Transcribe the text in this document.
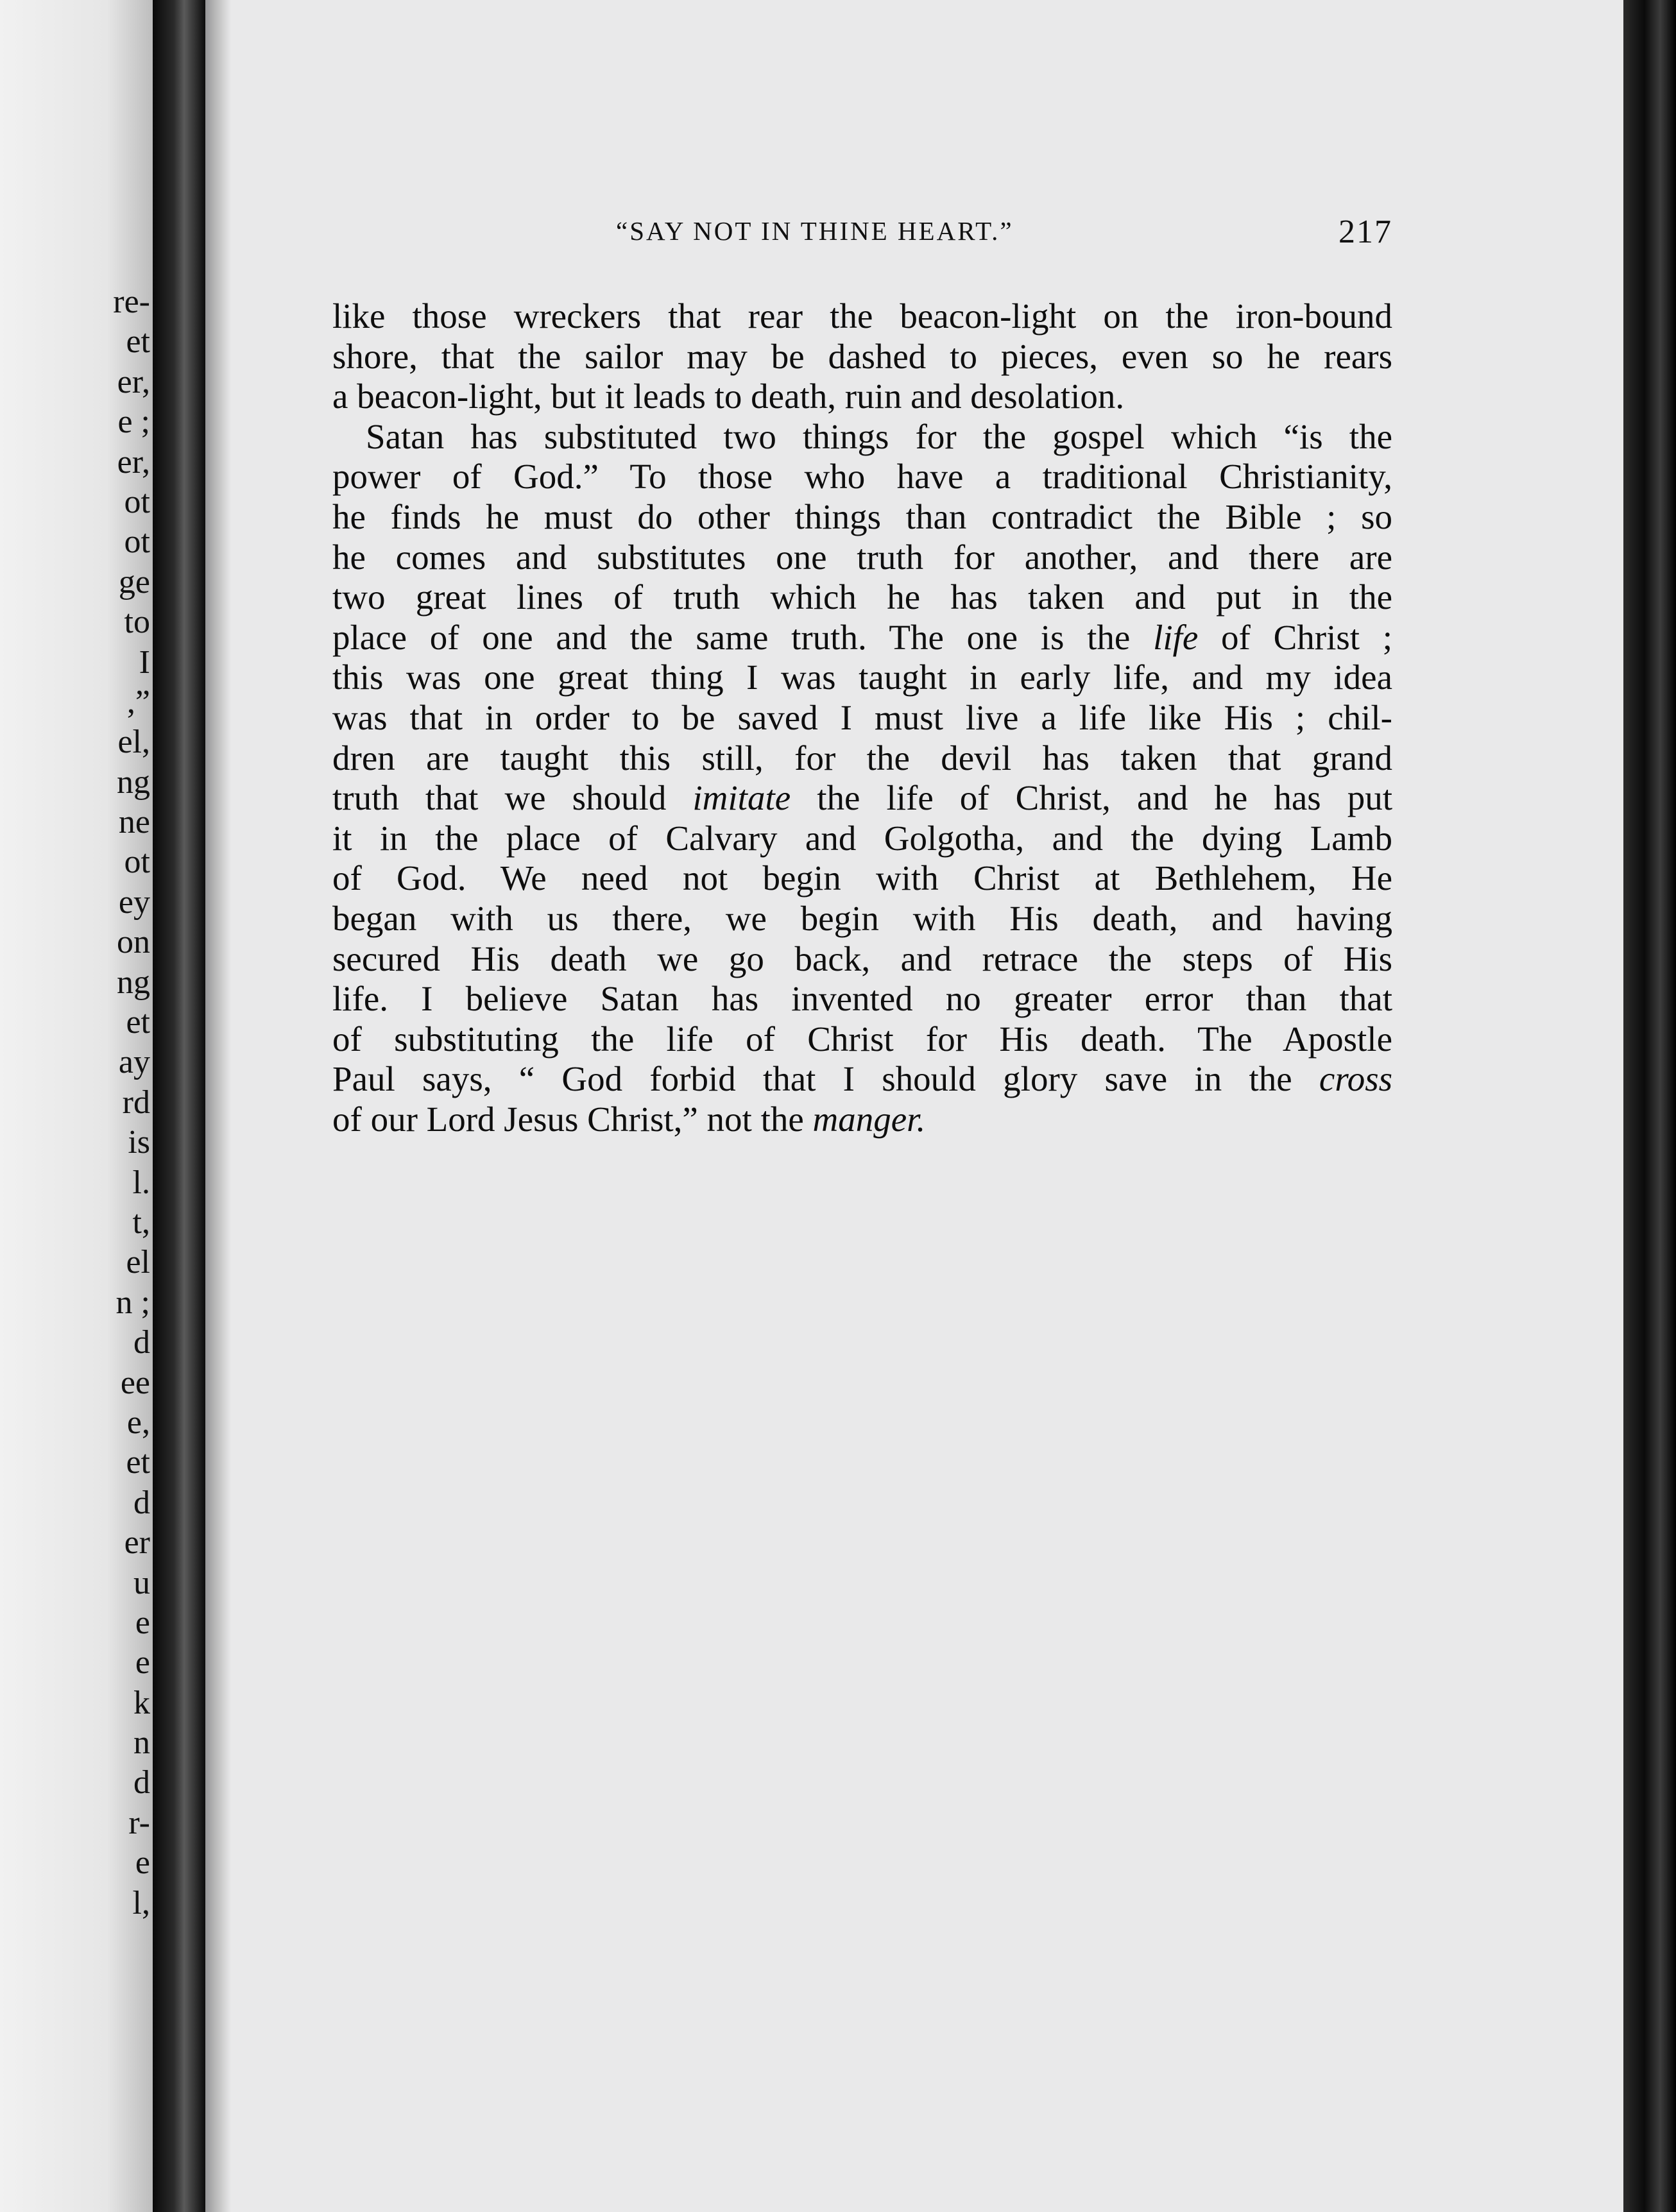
re-
et
er,
e ;
er,
ot
ot
ge
to
I
,”
el,
ng
ne
ot
ey
on
ng
et
ay
rd
is
l.
t,
el
n ;
d
ee
e,
et
d
er
u
e
e
k
n
d
r-
e
l,
“SAY NOT IN THINE HEART.”	217
like those wreckers that rear the beacon-light on the iron-bound
shore, that the sailor may be dashed to pieces, even so he rears
a beacon-light, but it leads to death, ruin and desolation.
Satan has substituted two things for the gospel which “is the
power of God.” To those who have a traditional Christianity,
he finds he must do other things than contradict the Bible ; so
he comes and substitutes one truth for another, and there are
two great lines of truth which he has taken and put in the
place of one and the same truth. The one is the life of Christ ;
this was one great thing I was taught in early life, and my idea
was that in order to be saved I must live a life like His ; chil-
dren are taught this still, for the devil has taken that grand
truth that we should imitate the life of Christ, and he has put
it in the place of Calvary and Golgotha, and the dying Lamb
of God. We need not begin with Christ at Bethlehem, He
began with us there, we begin with His death, and having
secured His death we go back, and retrace the steps of His
life. I believe Satan has invented no greater error than that
of substituting the life of Christ for His death. The Apostle
Paul says, “ God forbid that I should glory save in the cross
of our Lord Jesus Christ,” not the manger.
